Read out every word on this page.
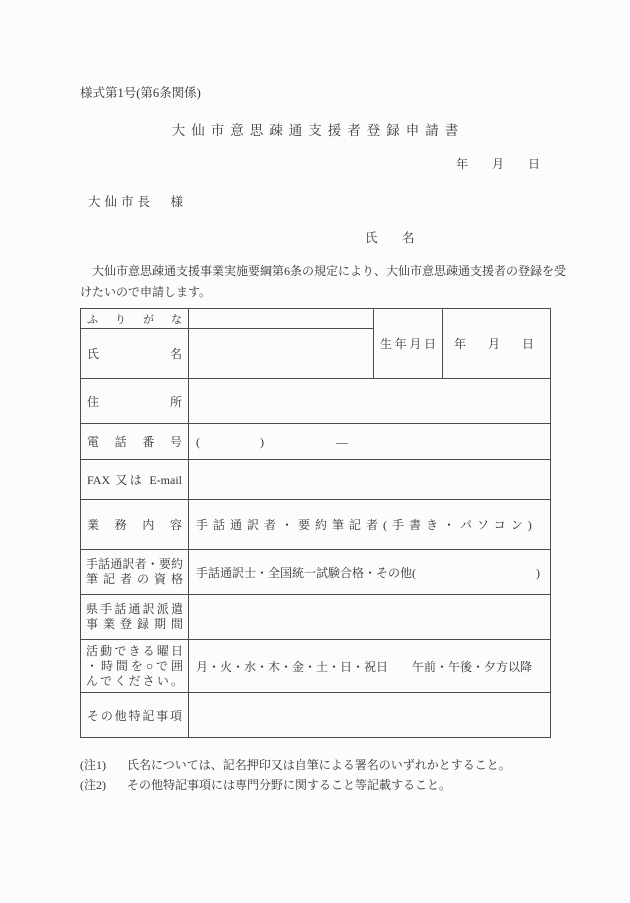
様式第1号(第6条関係)
大仙市意思疎通支援者登録申請書
年　月　日
大仙市長　様
氏　名
　大仙市意思疎通支援事業実施要綱第6条の規定により、大仙市意思疎通支援者の登録を受けたいので申請します。
ふりがな		生年月日	年　月　日
氏名			
住所			
電話番号	(　　　　　)　　　　　　―		
FAX 又は E-mail			
業務内容	手話通訳者・要約筆記者(手書き・パソコン)		

手話通訳者・要約
筆記者の資格	手話通訳士・全国統一試験合格・その他(　　　　　　　　　　)		

県手話通訳派遣
事業登録期間			

活動できる曜日
・時間を○で囲
んでください。	月・火・水・木・金・土・日・祝日 午前・午後・夕方以降		
その他特記事項			
(注1)	氏名については、記名押印又は自筆による署名のいずれかとすること。
(注2)	その他特記事項には専門分野に関すること等記載すること。
